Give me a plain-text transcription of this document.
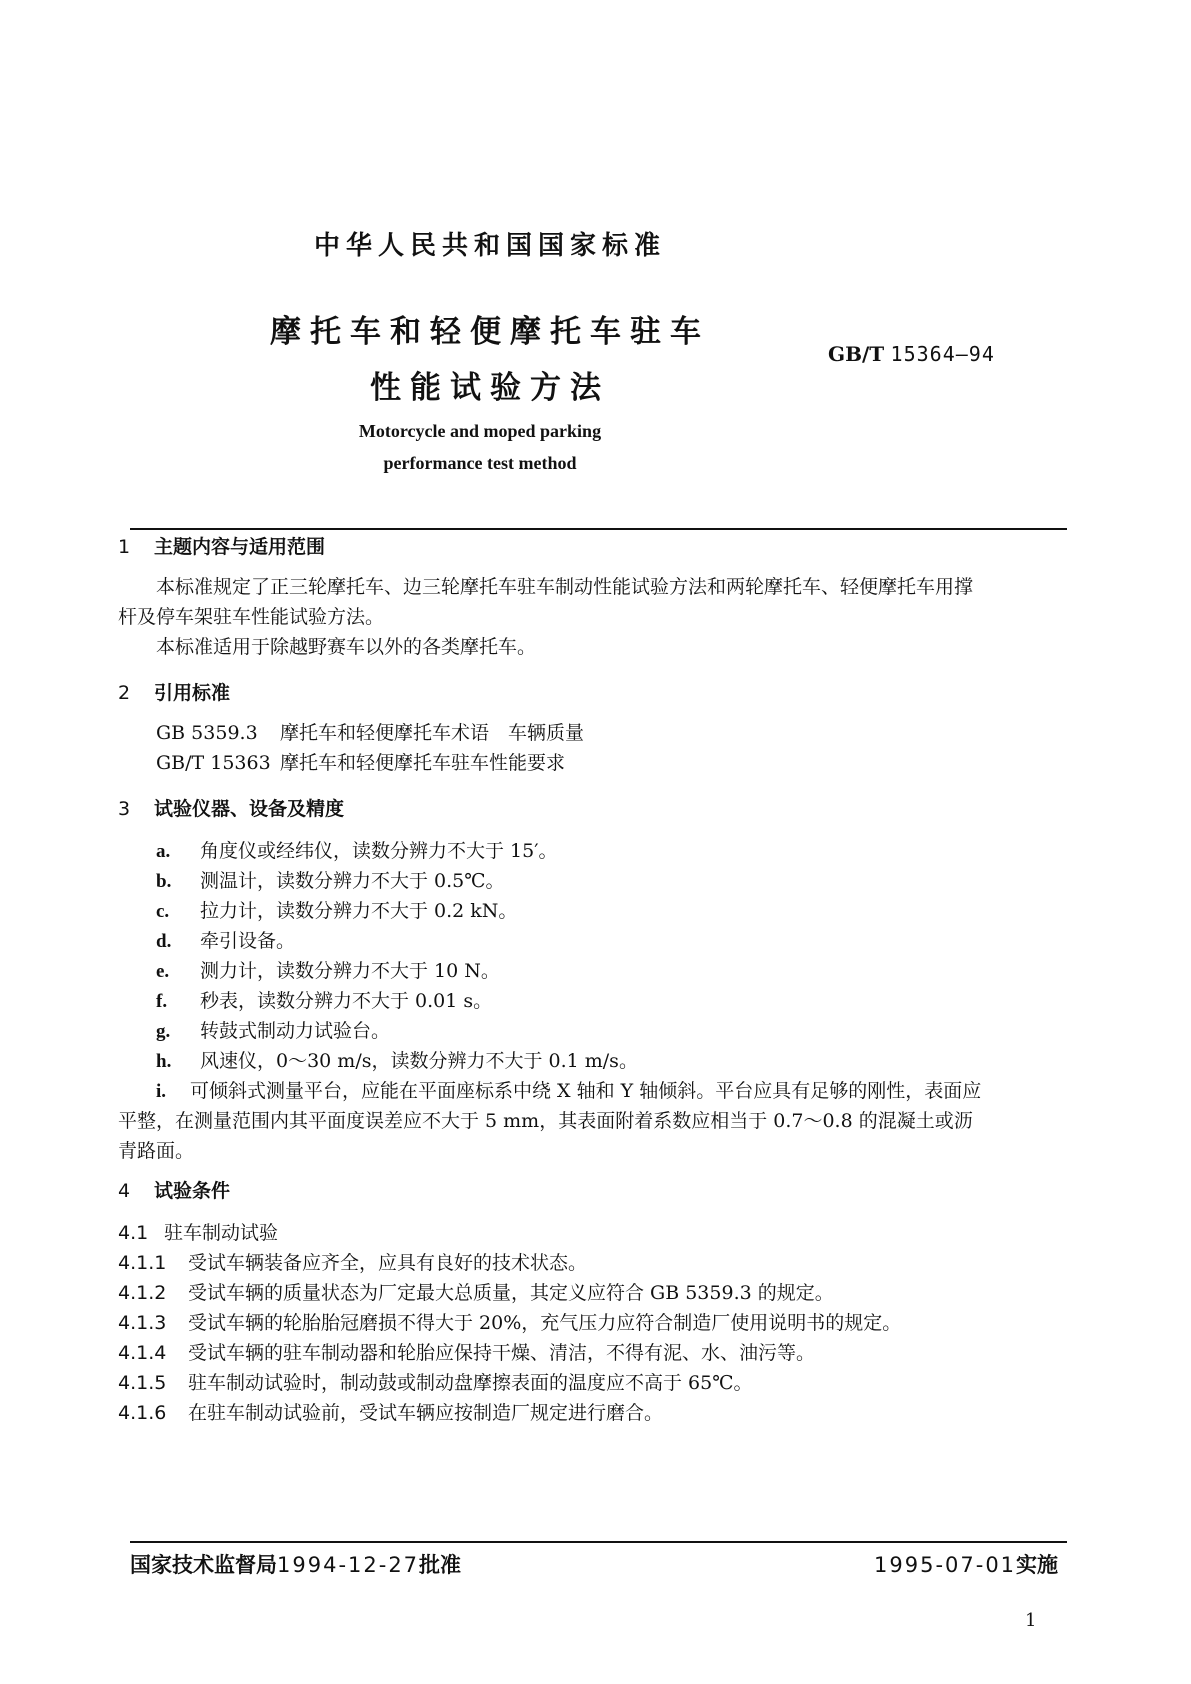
中华人民共和国国家标准
摩托车和轻便摩托车驻车
性能试验方法
GB/T 15364—94
Motorcycle and moped parking
performance test method
1 主题内容与适用范围
本标准规定了正三轮摩托车、边三轮摩托车驻车制动性能试验方法和两轮摩托车、轻便摩托车用撑
杆及停车架驻车性能试验方法。
本标准适用于除越野赛车以外的各类摩托车。
2 引用标准
GB 5359.3 摩托车和轻便摩托车术语　车辆质量
GB/T 15363 摩托车和轻便摩托车驻车性能要求
3 试验仪器、设备及精度
a. 角度仪或经纬仪，读数分辨力不大于 15′。
b. 测温计，读数分辨力不大于 0.5℃。
c. 拉力计，读数分辨力不大于 0.2 kN。
d. 牵引设备。
e. 测力计，读数分辨力不大于 10 N。
f. 秒表，读数分辨力不大于 0.01 s。
g. 转鼓式制动力试验台。
h. 风速仪，0～30 m/s，读数分辨力不大于 0.1 m/s。
i. 可倾斜式测量平台，应能在平面座标系中绕 X 轴和 Y 轴倾斜。平台应具有足够的刚性，表面应
平整，在测量范围内其平面度误差应不大于 5 mm，其表面附着系数应相当于 0.7～0.8 的混凝土或沥
青路面。
4 试验条件
4.1 驻车制动试验
4.1.1 受试车辆装备应齐全，应具有良好的技术状态。
4.1.2 受试车辆的质量状态为厂定最大总质量，其定义应符合 GB 5359.3 的规定。
4.1.3 受试车辆的轮胎胎冠磨损不得大于 20%，充气压力应符合制造厂使用说明书的规定。
4.1.4 受试车辆的驻车制动器和轮胎应保持干燥、清洁，不得有泥、水、油污等。
4.1.5 驻车制动试验时，制动鼓或制动盘摩擦表面的温度应不高于 65℃。
4.1.6 在驻车制动试验前，受试车辆应按制造厂规定进行磨合。
国家技术监督局1994-12-27批准	1995-07-01实施
1
